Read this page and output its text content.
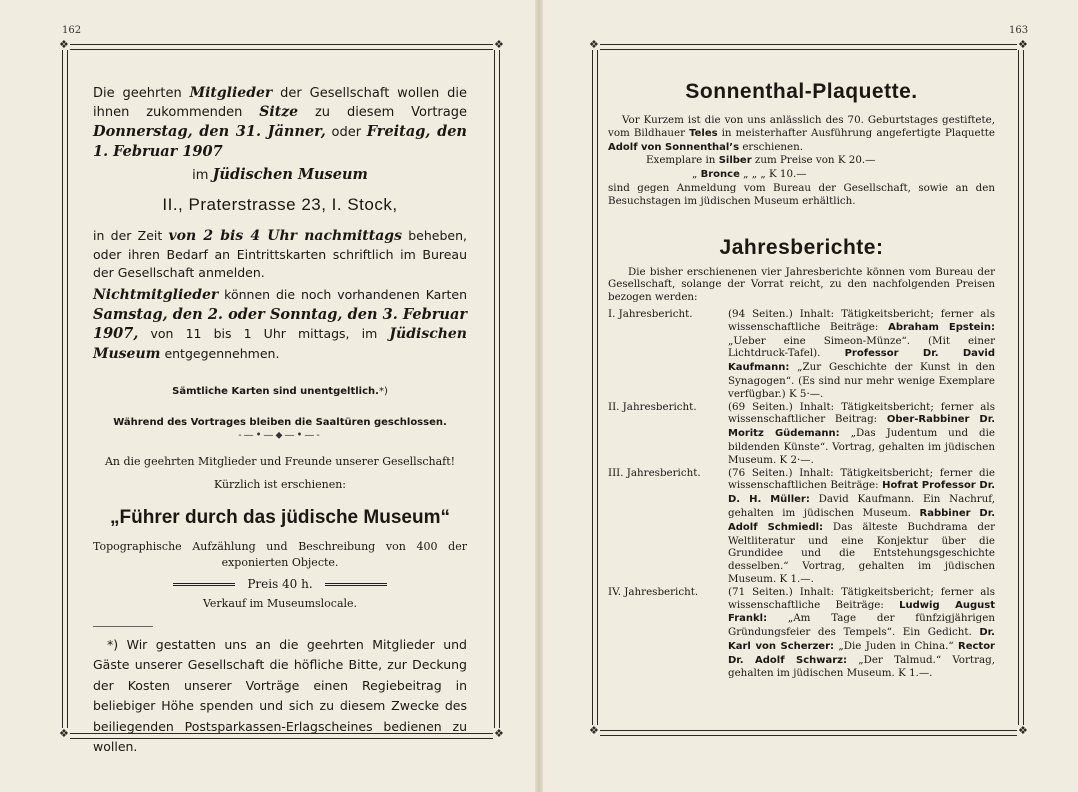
162
❖	❖
❖	❖

Die geehrten Mitglieder der Gesellschaft wollen die ihnen zukommenden Sitze zu diesem Vortrage Donnerstag, den 31. Jänner, oder Freitag, den 1. Februar 1907

im Jüdischen Museum

II., Praterstrasse 23, I. Stock,

in der Zeit von 2 bis 4 Uhr nachmittags beheben, oder ihren Bedarf an Eintrittskarten schriftlich im Bureau der Gesellschaft anmelden.

Nichtmitglieder können die noch vorhandenen Karten Samstag, den 2. oder Sonntag, den 3. Februar 1907, von 11 bis 1 Uhr mittags, im Jüdischen Museum entgegennehmen.

Sämtliche Karten sind unentgeltlich.*)

Während des Vortrages bleiben die Saaltüren geschlossen.

-—•—⬥—•—-

An die geehrten Mitglieder und Freunde unserer Gesellschaft!

Kürzlich ist erschienen:

„Führer durch das jüdische Museum“

Topographische Aufzählung und Beschreibung von 400 der exponierten Objecte.

Preis 40 h.

Verkauf im Museumslocale.

*) Wir gestatten uns an die geehrten Mitglieder und Gäste unserer Gesellschaft die höfliche Bitte, zur Deckung der Kosten unserer Vorträge einen Regiebeitrag in beliebiger Höhe spenden und sich zu diesem Zwecke des beiliegenden Postsparkassen-Erlagscheines bedienen zu wollen.

163
❖	❖
❖	❖

Sonnenthal-Plaquette.

Vor Kurzem ist die von uns anlässlich des 70. Geburtstages gestiftete, vom Bildhauer Teles in meisterhafter Ausführung angefertigte Plaquette Adolf von Sonnenthal’s erschienen.

Exemplare in Silber zum Preise von K 20.—

„ Bronce „ „ „ K 10.—

sind gegen Anmeldung vom Bureau der Gesellschaft, sowie an den Besuchstagen im jüdischen Museum erhältlich.

Jahresberichte:

Die bisher erschienenen vier Jahresberichte können vom Bureau der Gesellschaft, solange der Vorrat reicht, zu den nachfolgenden Preisen bezogen werden:

I. Jahresbericht.	(94 Seiten.) Inhalt: Tätigkeitsbericht; ferner als wissenschaftliche Beiträge: Abraham Epstein: „Ueber eine Simeon-Münze“. (Mit einer Lichtdruck-Tafel). Professor Dr. David Kaufmann: „Zur Geschichte der Kunst in den Synagogen“. (Es sind nur mehr wenige Exemplare verfügbar.) K 5·—.
II. Jahresbericht.	(69 Seiten.) Inhalt: Tätigkeitsbericht; ferner als wissenschaftlicher Beitrag: Ober-Rabbiner Dr. Moritz Güdemann: „Das Judentum und die bildenden Künste“. Vortrag, gehalten im jüdischen Museum. K 2·—.
III. Jahresbericht.	(76 Seiten.) Inhalt: Tätigkeitsbericht; ferner die wissenschaftlichen Beiträge: Hofrat Professor Dr. D. H. Müller: David Kaufmann. Ein Nachruf, gehalten im jüdischen Museum. Rabbiner Dr. Adolf Schmiedl: Das älteste Buchdrama der Weltliteratur und eine Konjektur über die Grundidee und die Entstehungsgeschichte desselben.“ Vortrag, gehalten im jüdischen Museum. K 1.—.
IV. Jahresbericht.	(71 Seiten.) Inhalt: Tätigkeitsbericht; ferner als wissenschaftliche Beiträge: Ludwig August Frankl: „Am Tage der fünfzigjährigen Gründungsfeier des Tempels“. Ein Gedicht. Dr. Karl von Scherzer: „Die Juden in China.“ Rector Dr. Adolf Schwarz: „Der Talmud.“ Vortrag, gehalten im jüdischen Museum. K 1.—.
